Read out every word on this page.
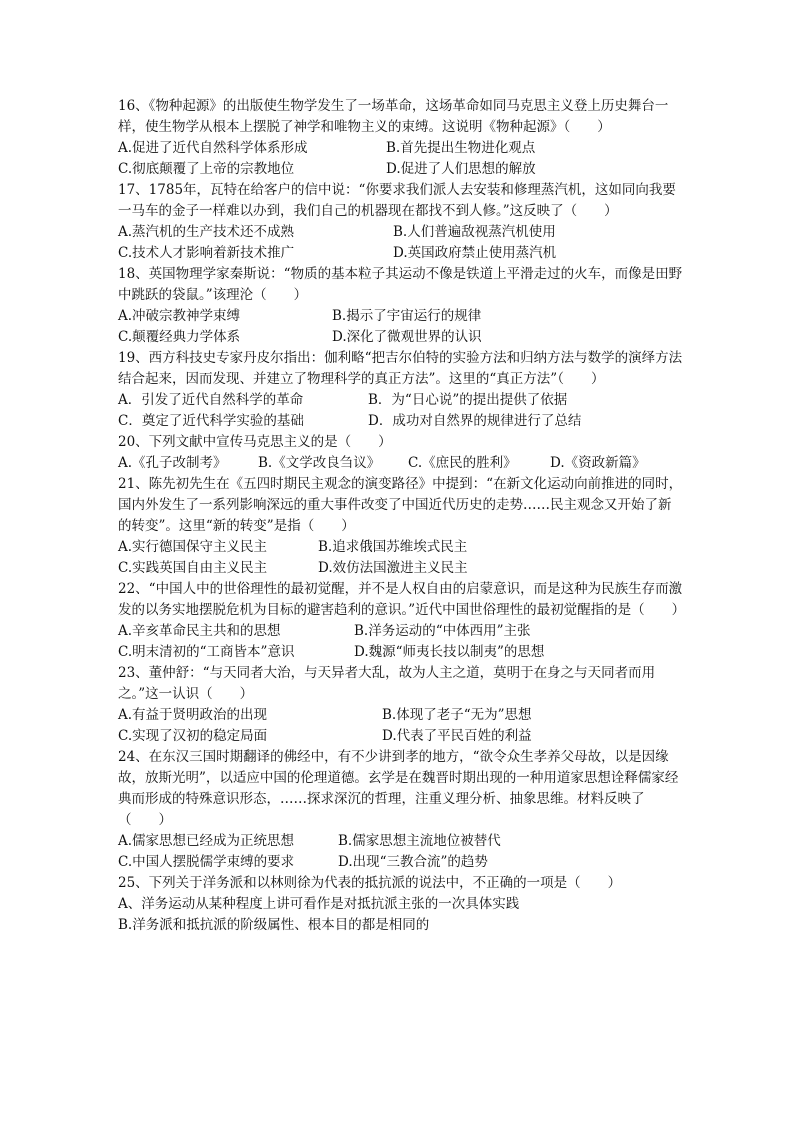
16、《物种起源》的出版使生物学发生了一场革命，这场革命如同马克思主义登上历史舞台一样，使生物学从根本上摆脱了神学和唯物主义的束缚。这说明《物种起源》（　　）

A.促进了近代自然科学体系形成	B.首先提出生物进化观点
C.彻底颠覆了上帝的宗教地位	D.促进了人们思想的解放

17、1785年，瓦特在给客户的信中说：“你要求我们派人去安装和修理蒸汽机，这如同向我要一马车的金子一样难以办到，我们自己的机器现在都找不到人修。”这反映了（　　）

A.蒸汽机的生产技术还不成熟	B.人们普遍敌视蒸汽机使用
C.技术人才影响着新技术推广	D.英国政府禁止使用蒸汽机

18、英国物理学家秦斯说：“物质的基本粒子其运动不像是铁道上平滑走过的火车，而像是田野中跳跃的袋鼠。”该理沦（　　）

A.冲破宗教神学束缚	B.揭示了宇宙运行的规律
C.颠覆经典力学体系	D.深化了微观世界的认识

19、西方科技史专家丹皮尔指出：伽利略“把吉尔伯特的实验方法和归纳方法与数学的演绎方法结合起来，因而发现、并建立了物理科学的真正方法”。这里的“真正方法”（　　）

A．引发了近代自然科学的革命	B．为“日心说”的提出提供了依据
C．奠定了近代科学实验的基础	D．成功对自然界的规律进行了总结

20、下列文献中宣传马克思主义的是（　　）

A.《孔子改制考》	B.《文学改良刍议》	C.《庶民的胜利》	D.《资政新篇》

21、陈先初先生在《五四时期民主观念的演变路径》中提到：“在新文化运动向前推进的同时，国内外发生了一系列影响深远的重大事件改变了中国近代历史的走势……民主观念又开始了新的转变”。这里“新的转变”是指（　　）

A.实行德国保守主义民主	B.追求俄国苏维埃式民主
C.实践英国自由主义民主	D.效仿法国激进主义民主

22、“中国人中的世俗理性的最初觉醒，并不是人权自由的启蒙意识，而是这种为民族生存而激发的以务实地摆脱危机为目标的避害趋利的意识。”近代中国世俗理性的最初觉醒指的是（　　）

A.辛亥革命民主共和的思想	B.洋务运动的“中体西用”主张
C.明末清初的“工商皆本”意识	D.魏源“师夷长技以制夷”的思想

23、董仲舒：“与天同者大治，与天异者大乱，故为人主之道，莫明于在身之与天同者而用之。”这一认识（　　）

A.有益于贤明政治的出现	B.体现了老子“无为”思想
C.实现了汉初的稳定局面	D.代表了平民百姓的利益

24、在东汉三国时期翻译的佛经中，有不少讲到孝的地方，“欲令众生孝养父母故，以是因缘故，放斯光明”，以适应中国的伦理道德。玄学是在魏晋时期出现的一种用道家思想诠释儒家经典而形成的特殊意识形态，……探求深沉的哲理，注重义理分析、抽象思维。材料反映了（　　）

A.儒家思想已经成为正统思想	B.儒家思想主流地位被替代
C.中国人摆脱儒学束缚的要求	D.出现“三教合流”的趋势

25、下列关于洋务派和以林则徐为代表的抵抗派的说法中，不正确的一项是（　　）

A、洋务运动从某种程度上讲可看作是对抵抗派主张的一次具体实践
B.洋务派和抵抗派的阶级属性、根本目的都是相同的
